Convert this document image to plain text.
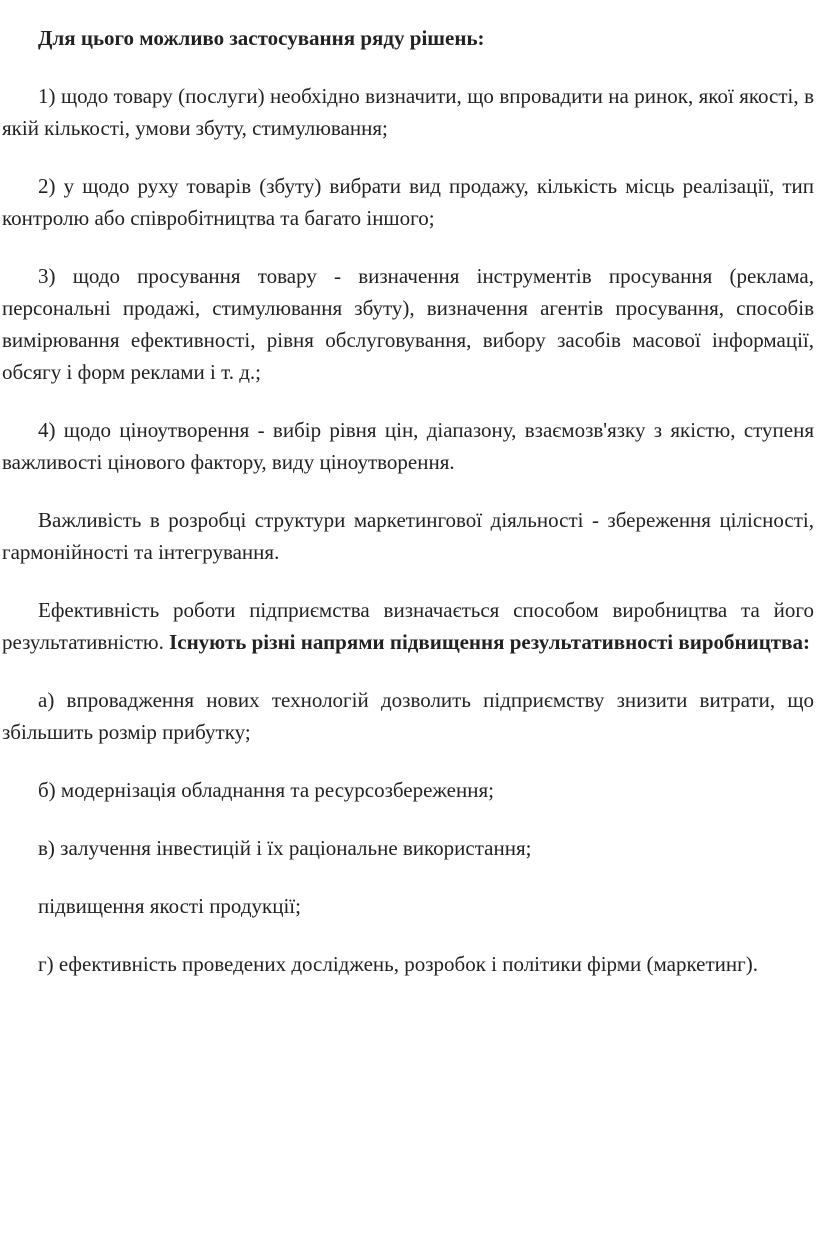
Для цього можливо застосування ряду рішень:

1) щодо товару (послуги) необхідно визначити, що впровадити на ринок, якої якості, в якій кількості, умови збуту, стимулювання;

2) у щодо руху товарів (збуту) вибрати вид продажу, кількість місць реалізації, тип контролю або співробітництва та багато іншого;

3) щодо просування товару - визначення інструментів просування (реклама, персональні продажі, стимулювання збуту), визначення агентів просування, способів вимірювання ефективності, рівня обслуговування, вибору засобів масової інформації, обсягу і форм реклами і т. д.;

4) щодо ціноутворення - вибір рівня цін, діапазону, взаємозв'язку з якістю, ступеня важливості цінового фактору, виду ціноутворення.

Важливість в розробці структури маркетингової діяльності - збереження цілісності, гармонійності та інтегрування.

Ефективність роботи підприємства визначається способом виробництва та його результативністю. Існують різні напрями підвищення результативності виробництва:

а) впровадження нових технологій дозволить підприємству знизити витрати, що збільшить розмір прибутку;

б) модернізація обладнання та ресурсозбереження;

в) залучення інвестицій і їх раціональне використання;

підвищення якості продукції;

г) ефективність проведених досліджень, розробок і політики фірми (маркетинг).
